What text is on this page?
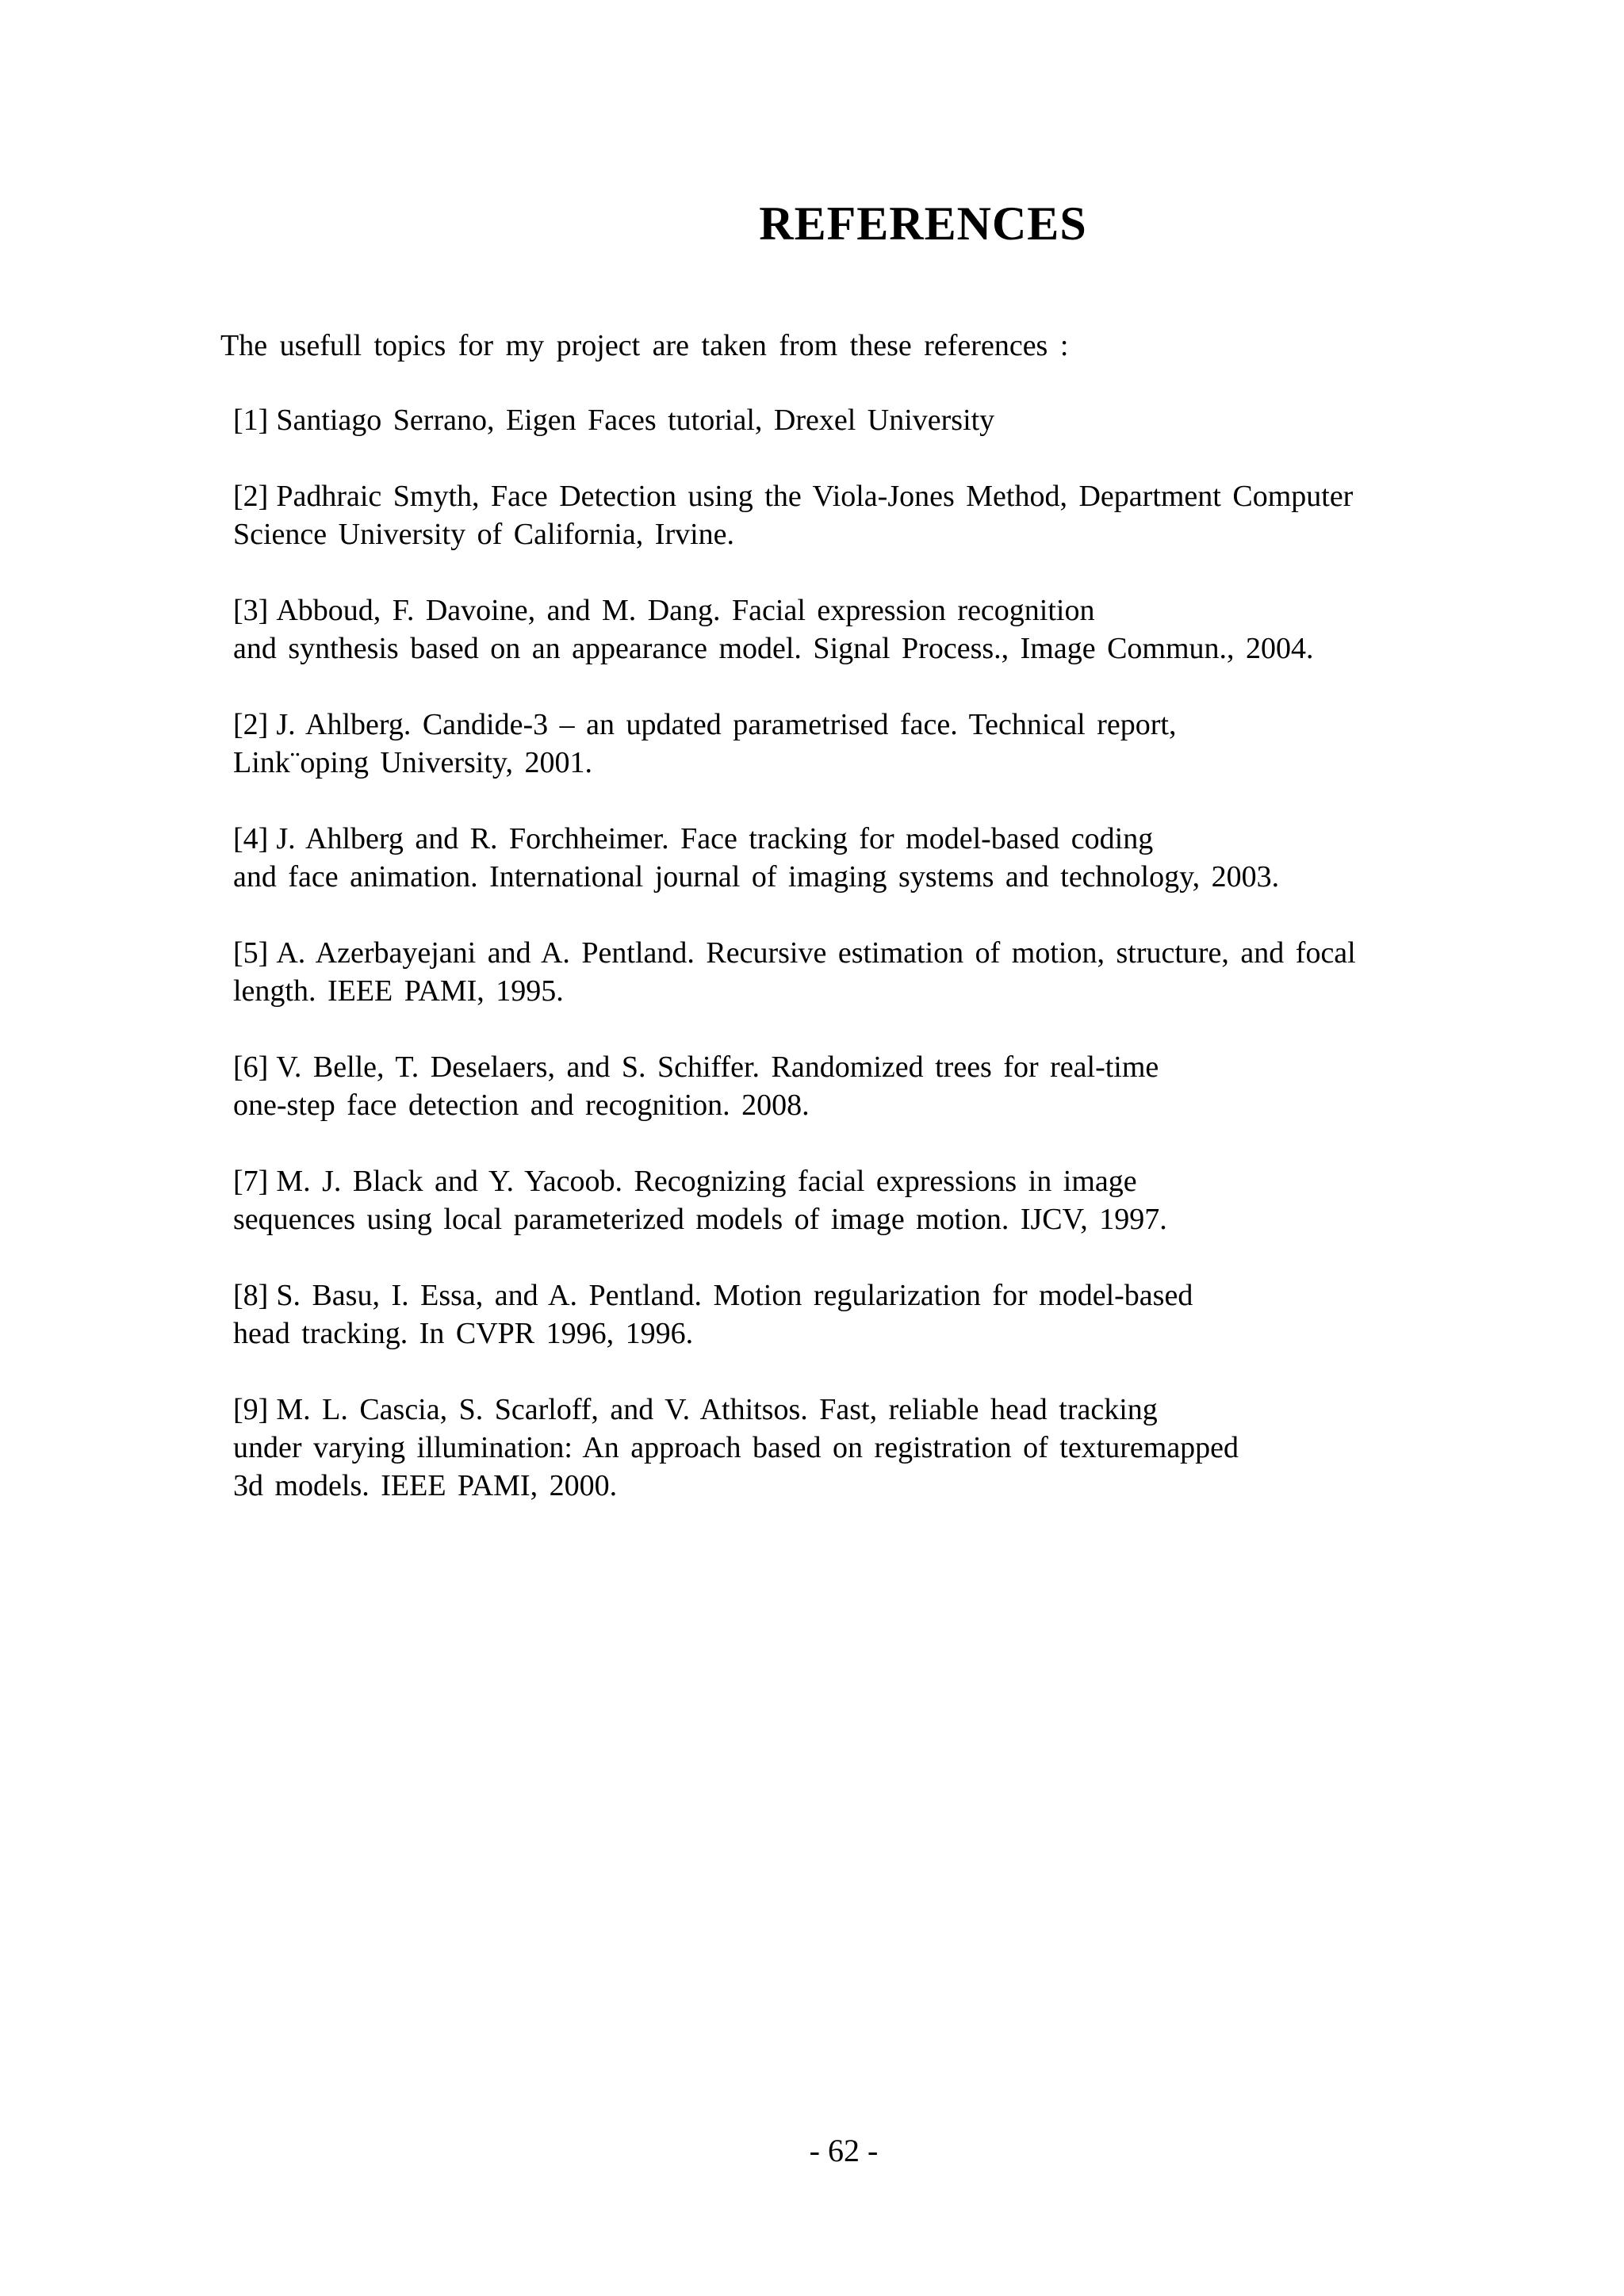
REFERENCES
The usefull topics for my project are taken from these references :
[1] Santiago Serrano, Eigen Faces tutorial, Drexel University
[2] Padhraic Smyth, Face Detection using the Viola-Jones Method, Department Computer
Science University of California, Irvine.
[3] Abboud, F. Davoine, and M. Dang. Facial expression recognition
and synthesis based on an appearance model. Signal Process., Image Commun., 2004.
[2] J. Ahlberg. Candide-3 – an updated parametrised face. Technical report,
Link¨oping University, 2001.
[4] J. Ahlberg and R. Forchheimer. Face tracking for model-based coding
and face animation. International journal of imaging systems and technology, 2003.
[5] A. Azerbayejani and A. Pentland. Recursive estimation of motion, structure, and focal
length. IEEE PAMI, 1995.
[6] V. Belle, T. Deselaers, and S. Schiffer. Randomized trees for real-time
one-step face detection and recognition. 2008.
[7] M. J. Black and Y. Yacoob. Recognizing facial expressions in image
sequences using local parameterized models of image motion. IJCV, 1997.
[8] S. Basu, I. Essa, and A. Pentland. Motion regularization for model-based
head tracking. In CVPR 1996, 1996.
[9] M. L. Cascia, S. Scarloff, and V. Athitsos. Fast, reliable head tracking
under varying illumination: An approach based on registration of texturemapped
3d models. IEEE PAMI, 2000.
- 62 -
